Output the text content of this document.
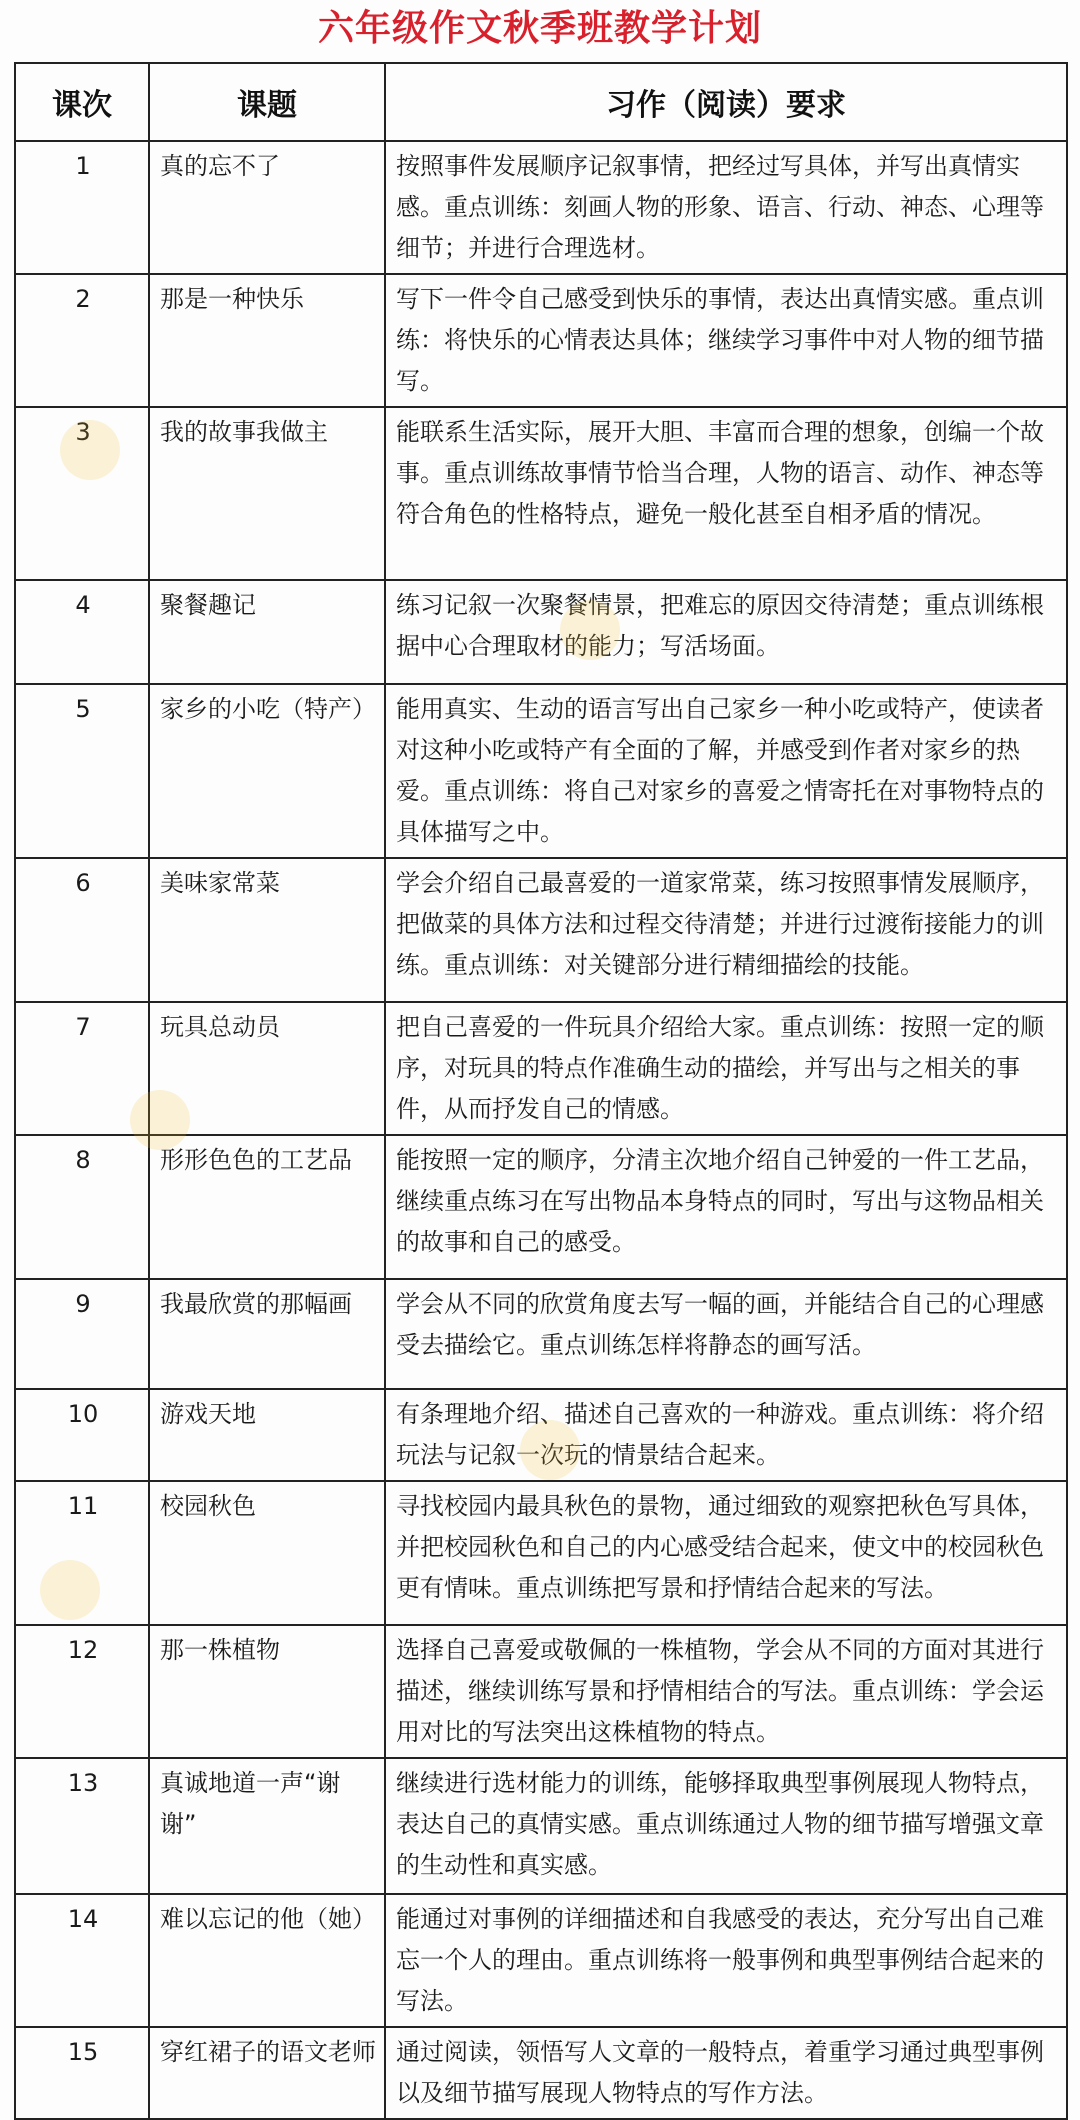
六年级作文秋季班教学计划
课次	课题	习作（阅读）要求
1	真的忘不了	按照事件发展顺序记叙事情，把经过写具体，并写出真情实感。重点训练：刻画人物的形象、语言、行动、神态、心理等细节；并进行合理选材。
2	那是一种快乐	写下一件令自己感受到快乐的事情，表达出真情实感。重点训练：将快乐的心情表达具体；继续学习事件中对人物的细节描写。
3	我的故事我做主	能联系生活实际，展开大胆、丰富而合理的想象，创编一个故事。重点训练故事情节恰当合理，人物的语言、动作、神态等符合角色的性格特点，避免一般化甚至自相矛盾的情况。
4	聚餐趣记	练习记叙一次聚餐情景，把难忘的原因交待清楚；重点训练根据中心合理取材的能力；写活场面。
5	家乡的小吃（特产）	能用真实、生动的语言写出自己家乡一种小吃或特产，使读者对这种小吃或特产有全面的了解，并感受到作者对家乡的热爱。重点训练：将自己对家乡的喜爱之情寄托在对事物特点的具体描写之中。
6	美味家常菜	学会介绍自己最喜爱的一道家常菜，练习按照事情发展顺序，把做菜的具体方法和过程交待清楚；并进行过渡衔接能力的训练。重点训练：对关键部分进行精细描绘的技能。
7	玩具总动员	把自己喜爱的一件玩具介绍给大家。重点训练：按照一定的顺序，对玩具的特点作准确生动的描绘，并写出与之相关的事件，从而抒发自己的情感。
8	形形色色的工艺品	能按照一定的顺序，分清主次地介绍自己钟爱的一件工艺品，继续重点练习在写出物品本身特点的同时，写出与这物品相关的故事和自己的感受。
9	我最欣赏的那幅画	学会从不同的欣赏角度去写一幅的画，并能结合自己的心理感受去描绘它。重点训练怎样将静态的画写活。
10	游戏天地	有条理地介绍、描述自己喜欢的一种游戏。重点训练：将介绍玩法与记叙一次玩的情景结合起来。
11	校园秋色	寻找校园内最具秋色的景物，通过细致的观察把秋色写具体，并把校园秋色和自己的内心感受结合起来，使文中的校园秋色更有情味。重点训练把写景和抒情结合起来的写法。
12	那一株植物	选择自己喜爱或敬佩的一株植物，学会从不同的方面对其进行描述，继续训练写景和抒情相结合的写法。重点训练：学会运用对比的写法突出这株植物的特点。
13	真诚地道一声“谢谢”	继续进行选材能力的训练，能够择取典型事例展现人物特点，表达自己的真情实感。重点训练通过人物的细节描写增强文章的生动性和真实感。
14	难以忘记的他（她）	能通过对事例的详细描述和自我感受的表达，充分写出自己难忘一个人的理由。重点训练将一般事例和典型事例结合起来的写法。
15	穿红裙子的语文老师	通过阅读，领悟写人文章的一般特点，着重学习通过典型事例以及细节描写展现人物特点的写作方法。
